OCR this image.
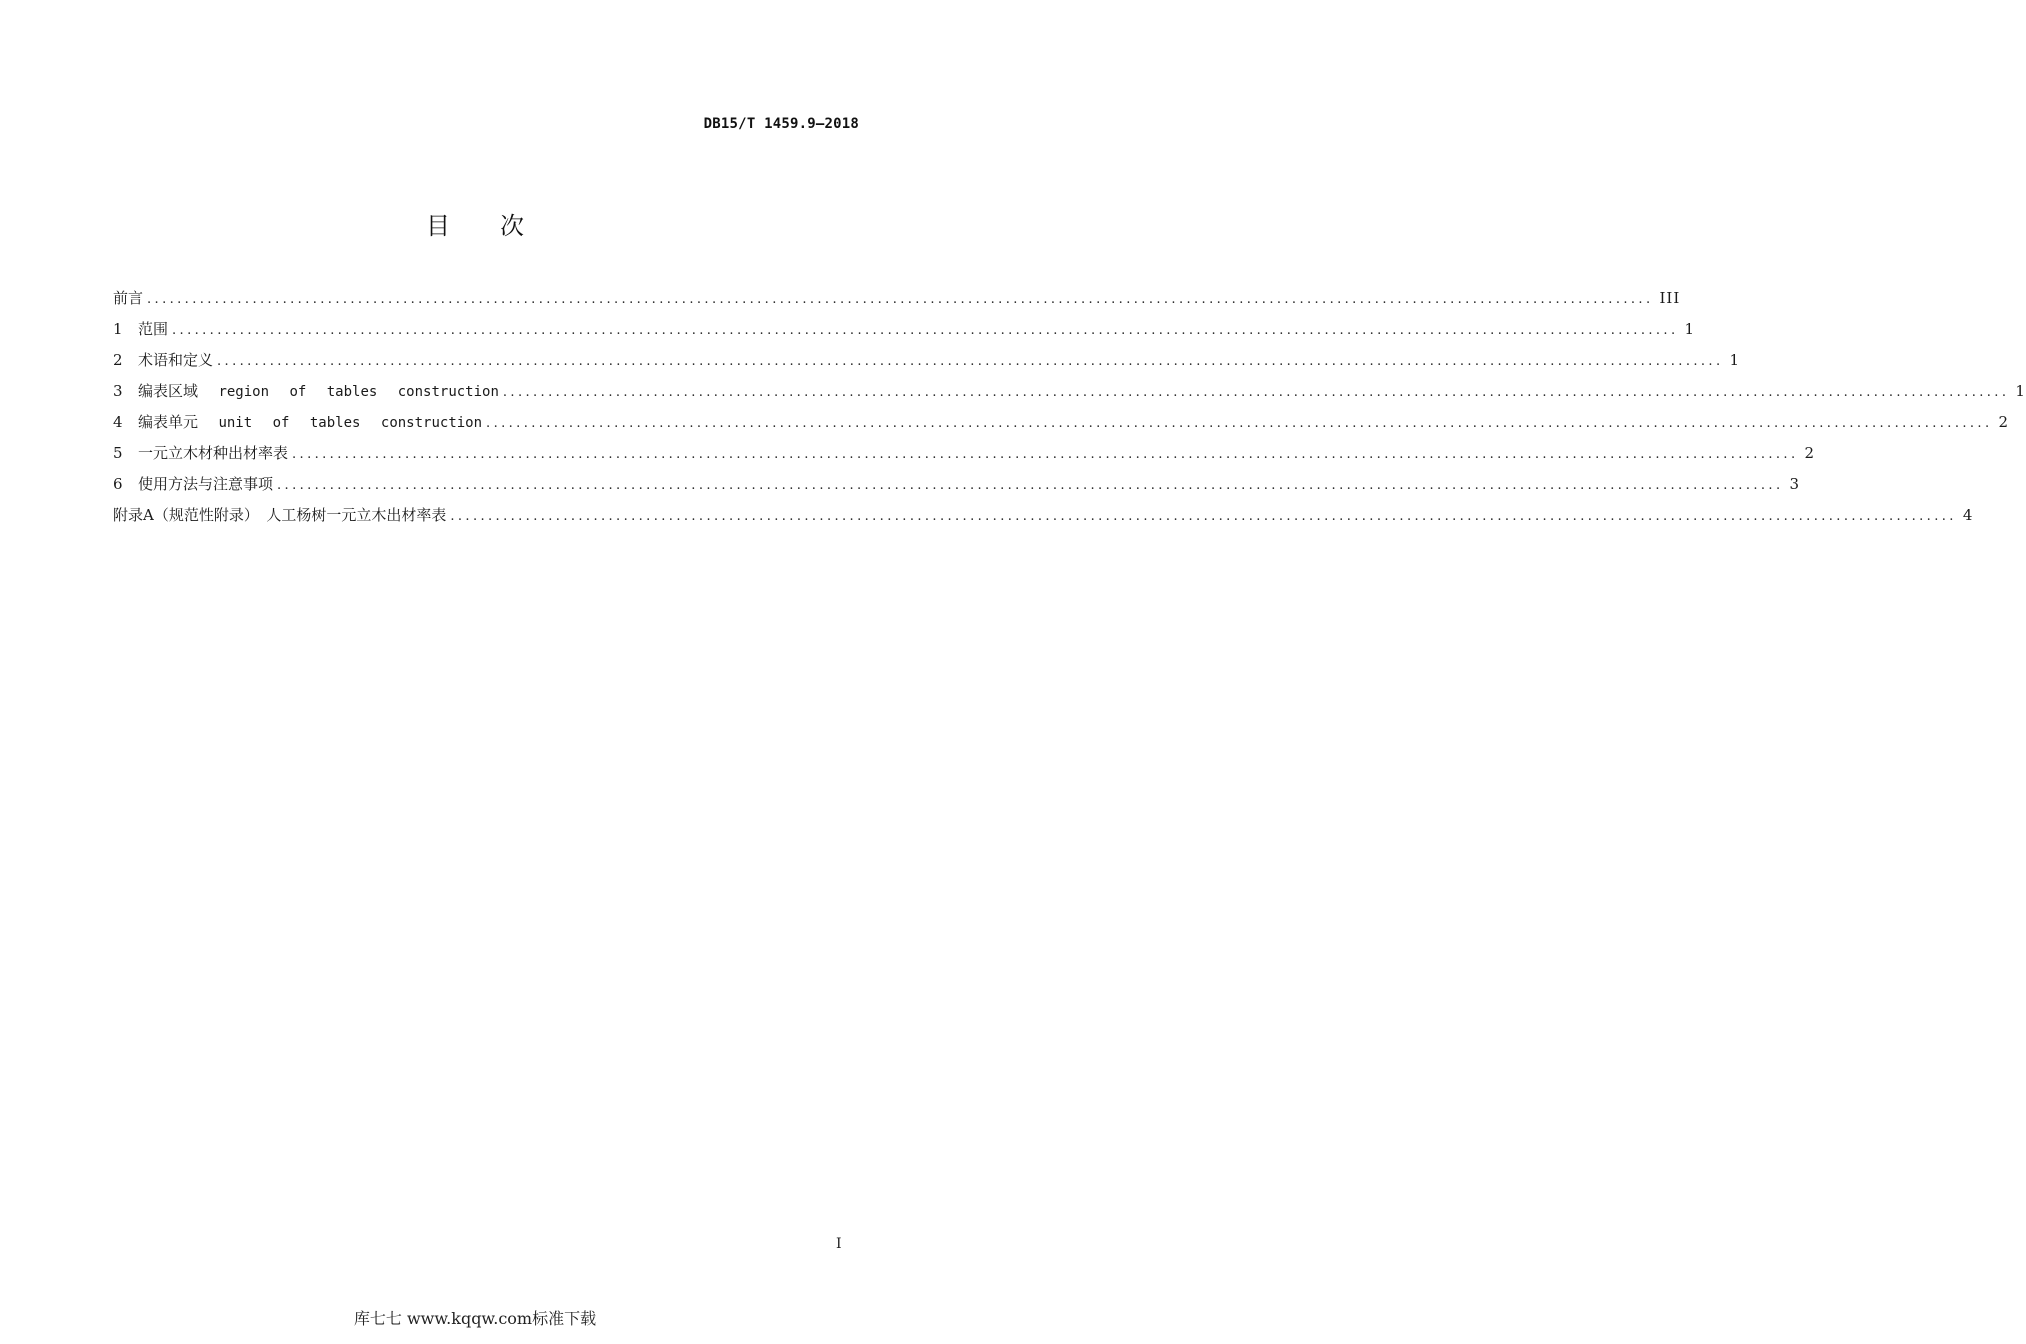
DB15/T 1459.9—2018
目次
前言 ........................................................................................................................................................................................................ III
1	范围 ........................................................................................................................................................................................................ 1
2	术语和定义 ........................................................................................................................................................................................................ 1
3	编表区域 region of tables construction ........................................................................................................................................................................................................ 1
4	编表单元 unit of tables construction ........................................................................................................................................................................................................ 2
5	一元立木材种出材率表 ........................................................................................................................................................................................................ 2
6	使用方法与注意事项 ........................................................................................................................................................................................................ 3
附录A（规范性附录）　人工杨树一元立木出材率表 ........................................................................................................................................................................................................ 4
I
库七七 www.kqqw.com标准下载
